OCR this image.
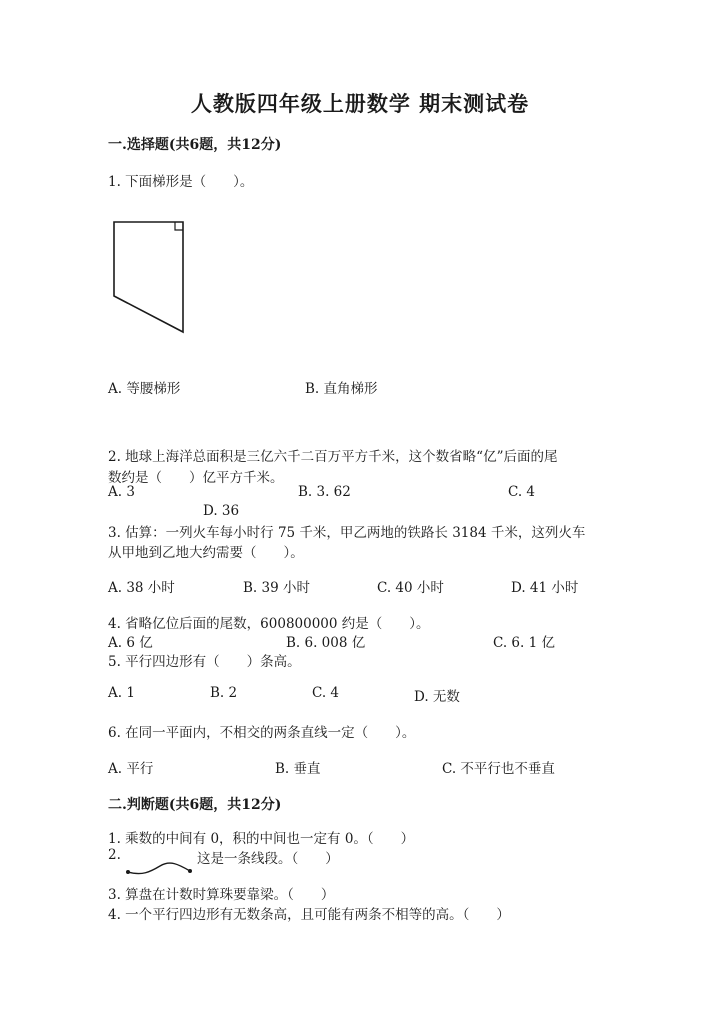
人教版四年级上册数学 期末测试卷
一.选择题(共6题，共12分)
1. 下面梯形是（　　）。
A. 等腰梯形	B. 直角梯形
2. 地球上海洋总面积是三亿六千二百万平方千米，这个数省略“亿”后面的尾
数约是（　　）亿平方千米。
A. 3	B. 3. 62	C. 4
D. 36
3. 估算：一列火车每小时行 75 千米，甲乙两地的铁路长 3184 千米，这列火车
从甲地到乙地大约需要（　　）。
A. 38 小时	B. 39 小时	C. 40 小时	D. 41 小时
4. 省略亿位后面的尾数，600800000 约是（　　）。
A. 6 亿	B. 6. 008 亿	C. 6. 1 亿
5. 平行四边形有（　　）条高。
A. 1	B. 2	C. 4	D. 无数
6. 在同一平面内，不相交的两条直线一定（　　）。
A. 平行	B. 垂直	C. 不平行也不垂直
二.判断题(共6题，共12分)
1. 乘数的中间有 0，积的中间也一定有 0。（　　）
2.	这是一条线段。（　　）
3. 算盘在计数时算珠要靠梁。（　　）
4. 一个平行四边形有无数条高，且可能有两条不相等的高。（　　）
